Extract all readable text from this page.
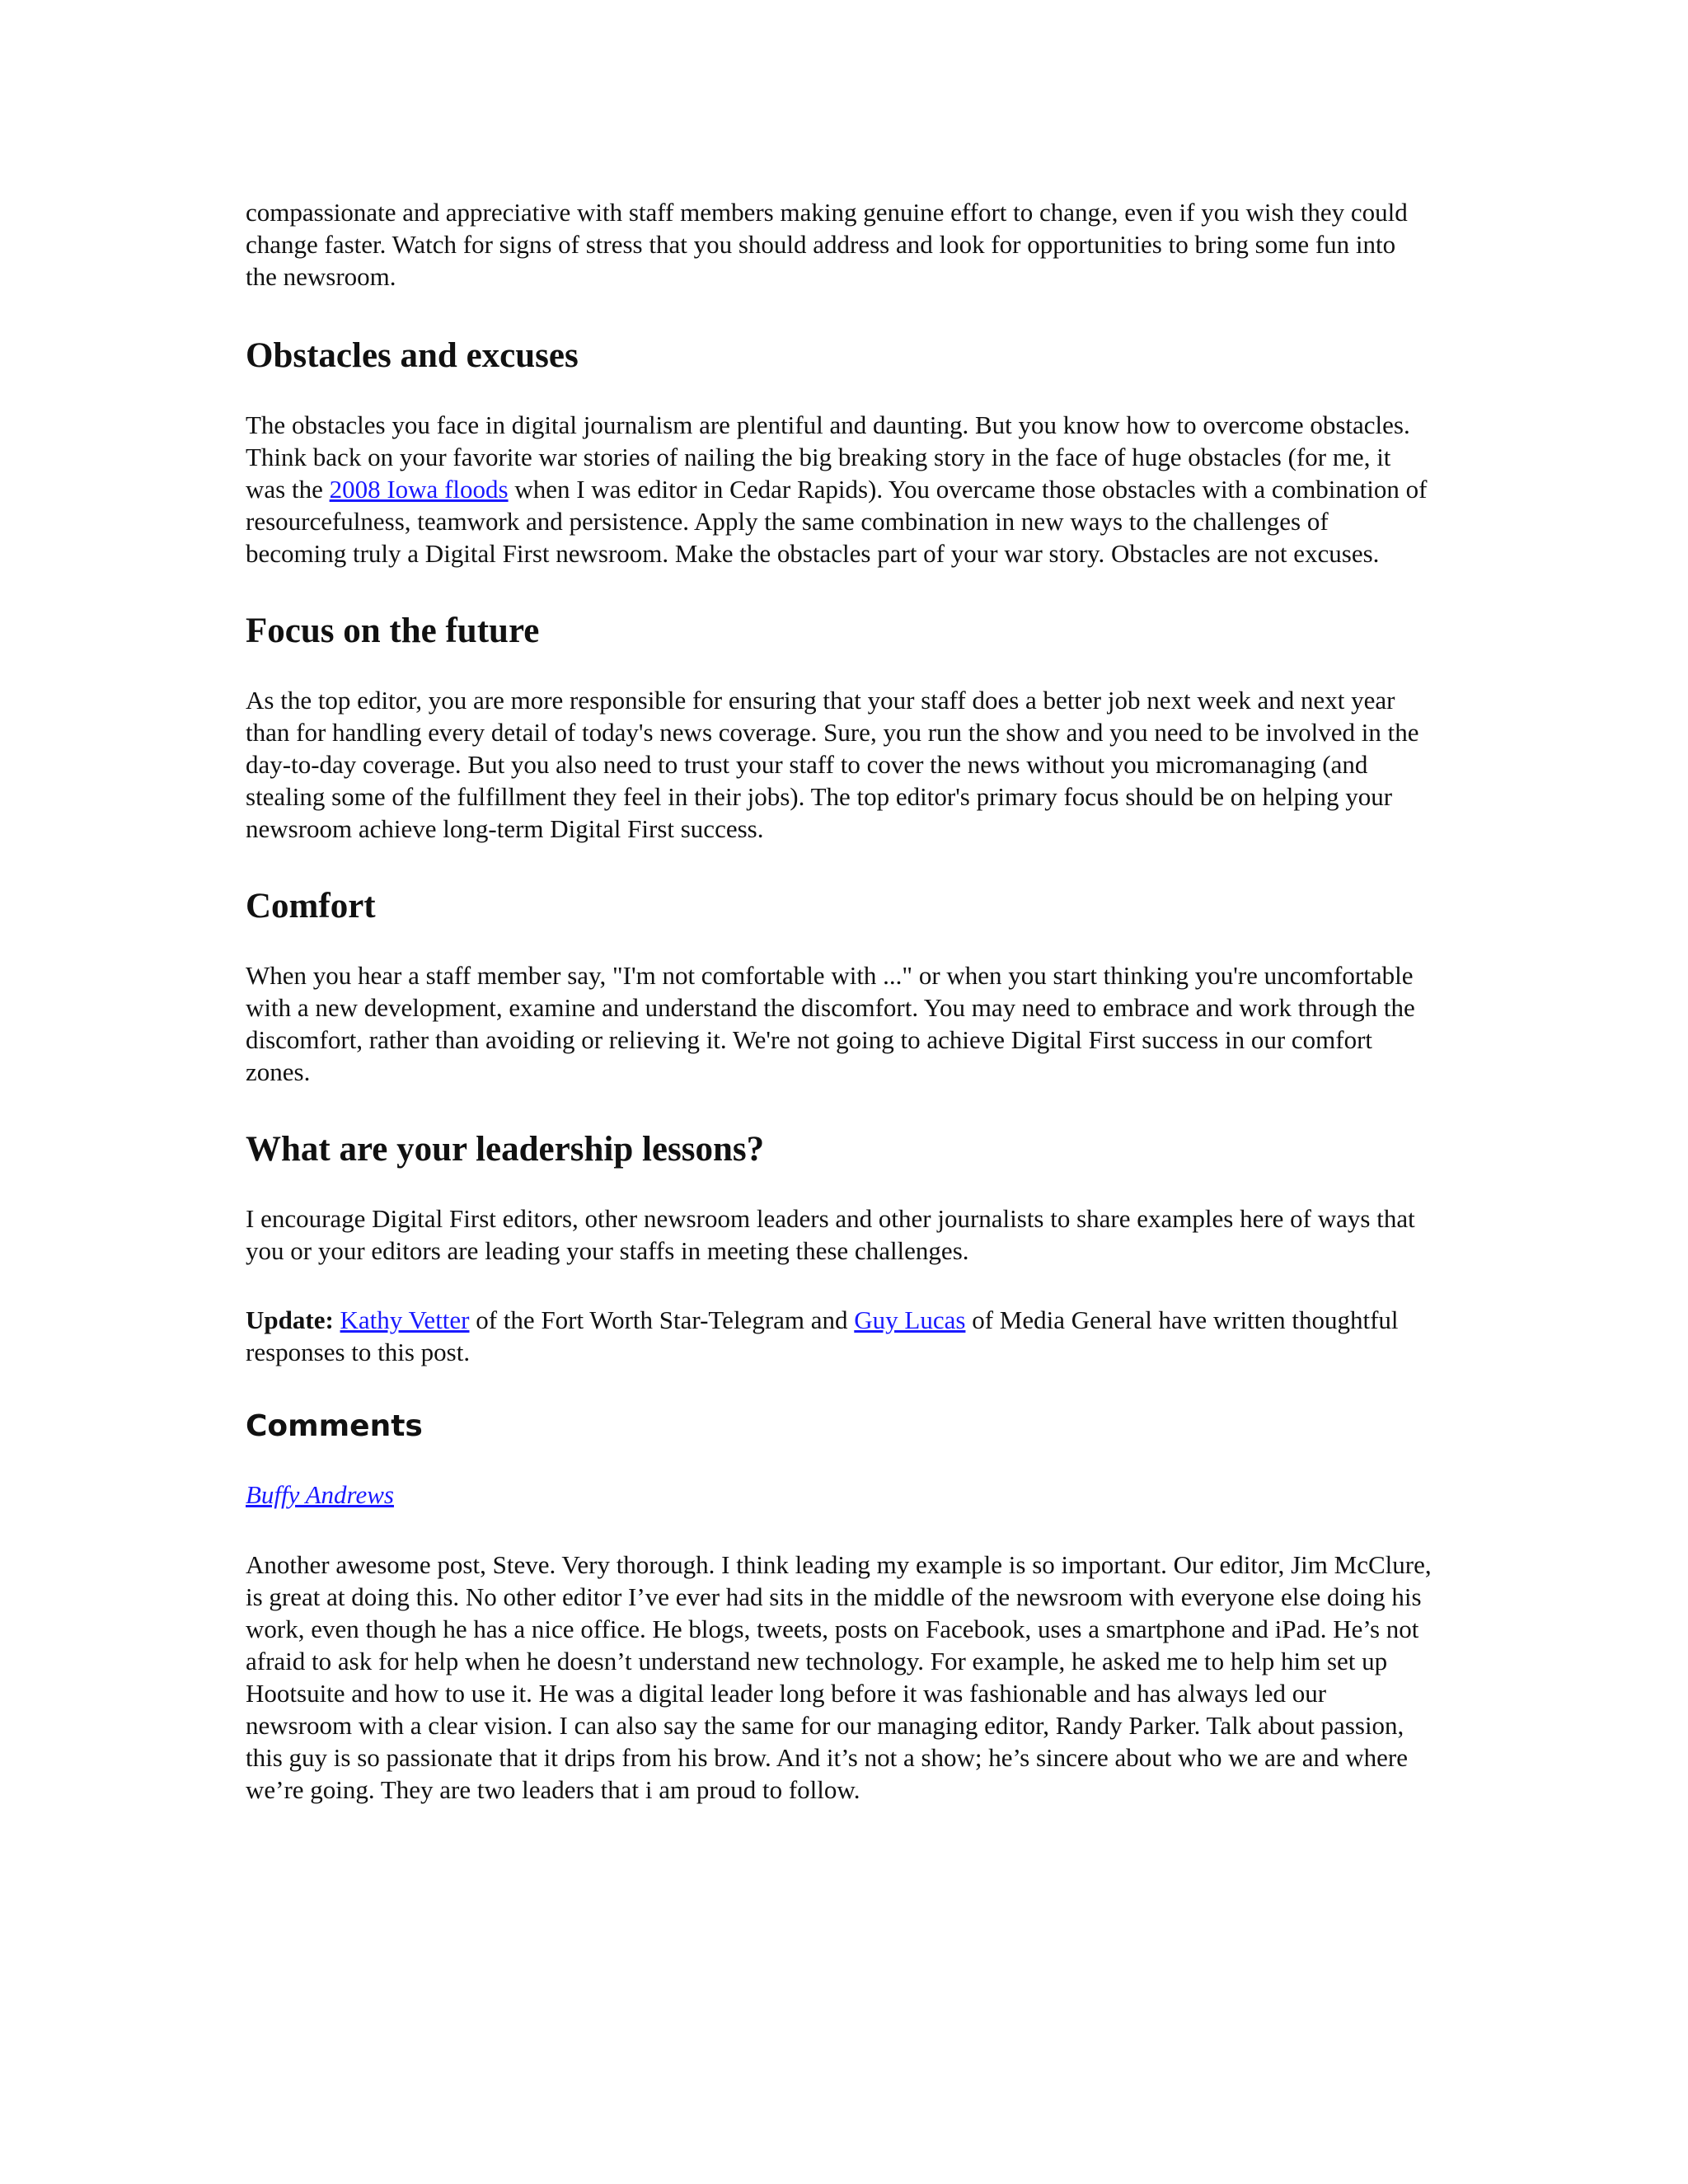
compassionate and appreciative with staff members making genuine effort to change, even if you wish they could change faster. Watch for signs of stress that you should address and look for opportunities to bring some fun into the newsroom.

Obstacles and excuses

The obstacles you face in digital journalism are plentiful and daunting. But you know how to overcome obstacles. Think back on your favorite war stories of nailing the big breaking story in the face of huge obstacles (for me, it was the 2008 Iowa floods when I was editor in Cedar Rapids). You overcame those obstacles with a combination of resourcefulness, teamwork and persistence. Apply the same combination in new ways to the challenges of becoming truly a Digital First newsroom. Make the obstacles part of your war story. Obstacles are not excuses.

Focus on the future

As the top editor, you are more responsible for ensuring that your staff does a better job next week and next year than for handling every detail of today's news coverage. Sure, you run the show and you need to be involved in the day-to-day coverage. But you also need to trust your staff to cover the news without you micromanaging (and stealing some of the fulfillment they feel in their jobs). The top editor's primary focus should be on helping your newsroom achieve long-term Digital First success.

Comfort

When you hear a staff member say, "I'm not comfortable with ..." or when you start thinking you're uncomfortable with a new development, examine and understand the discomfort. You may need to embrace and work through the discomfort, rather than avoiding or relieving it. We're not going to achieve Digital First success in our comfort zones.

What are your leadership lessons?

I encourage Digital First editors, other newsroom leaders and other journalists to share examples here of ways that you or your editors are leading your staffs in meeting these challenges.

Update: Kathy Vetter of the Fort Worth Star-Telegram and Guy Lucas of Media General have written thoughtful responses to this post.

Comments

Buffy Andrews

Another awesome post, Steve. Very thorough. I think leading my example is so important. Our editor, Jim McClure, is great at doing this. No other editor I’ve ever had sits in the middle of the newsroom with everyone else doing his work, even though he has a nice office. He blogs, tweets, posts on Facebook, uses a smartphone and iPad. He’s not afraid to ask for help when he doesn’t understand new technology. For example, he asked me to help him set up Hootsuite and how to use it. He was a digital leader long before it was fashionable and has always led our newsroom with a clear vision. I can also say the same for our managing editor, Randy Parker. Talk about passion, this guy is so passionate that it drips from his brow. And it’s not a show; he’s sincere about who we are and where we’re going. They are two leaders that i am proud to follow.
